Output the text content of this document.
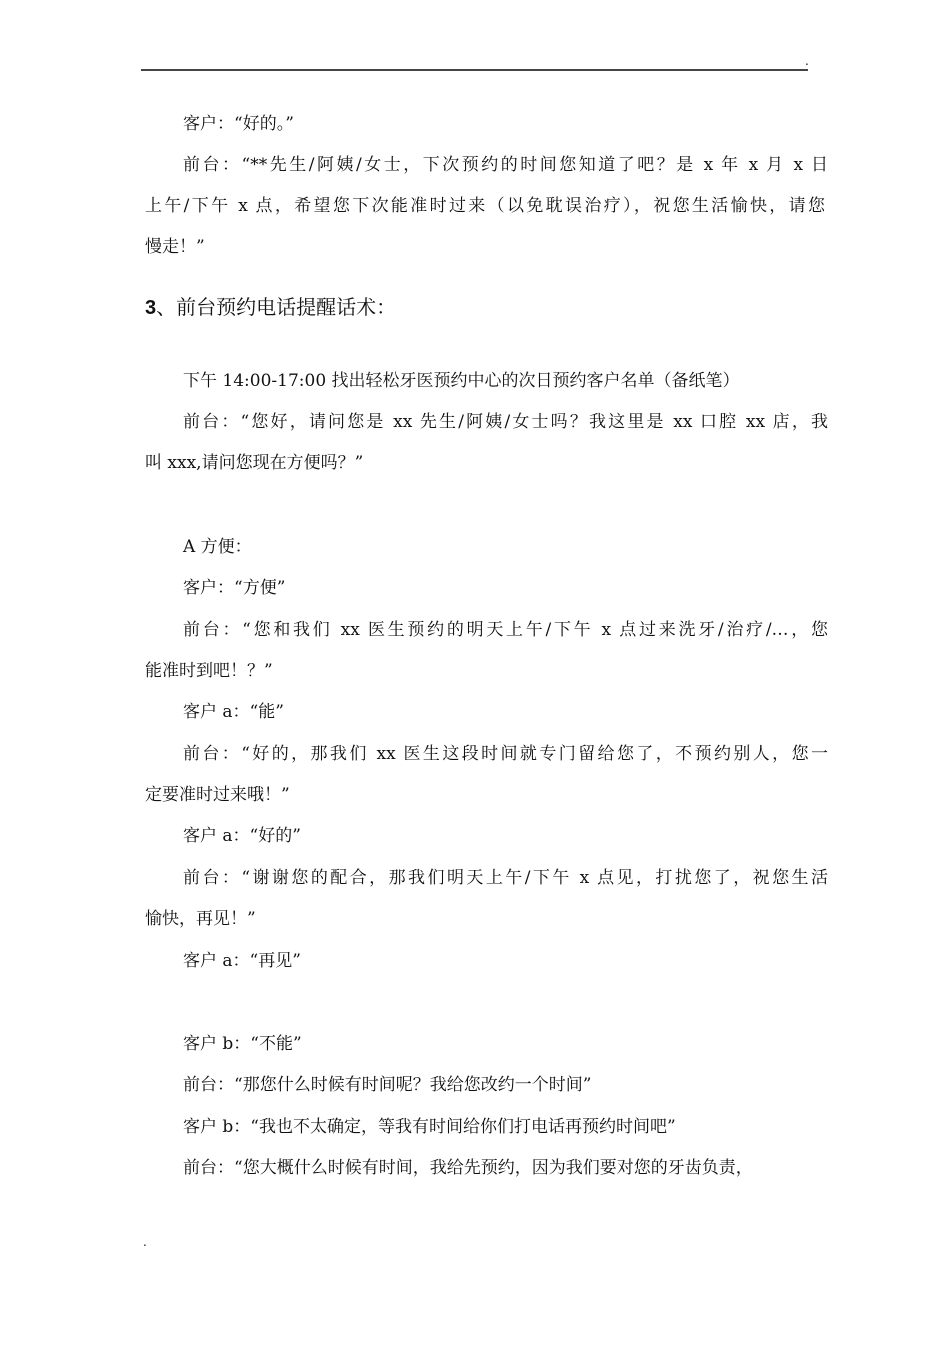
.
客户：“好的。”
前台：“**先生/阿姨/女士，下次预约的时间您知道了吧？是 x 年 x 月 x 日
上午/下午 x 点，希望您下次能准时过来（以免耽误治疗），祝您生活愉快，请您
慢走！”
3、前台预约电话提醒话术：
下午 14:00-17:00 找出轻松牙医预约中心的次日预约客户名单（备纸笔）
前台：“您好，请问您是 xx 先生/阿姨/女士吗？我这里是 xx 口腔 xx 店，我
叫 xxx,请问您现在方便吗？”
A 方便：
客户：“方便”
前台：“您和我们 xx 医生预约的明天上午/下午 x 点过来洗牙/治疗/…，您
能准时到吧！？”
客户 a：“能”
前台：“好的，那我们 xx 医生这段时间就专门留给您了，不预约别人，您一
定要准时过来哦！”
客户 a：“好的”
前台：“谢谢您的配合，那我们明天上午/下午 x 点见，打扰您了，祝您生活
愉快，再见！”
客户 a：“再见”
客户 b：“不能”
前台：“那您什么时候有时间呢？我给您改约一个时间”
客户 b：“我也不太确定，等我有时间给你们打电话再预约时间吧”
前台：“您大概什么时候有时间，我给先预约，因为我们要对您的牙齿负责，
.
